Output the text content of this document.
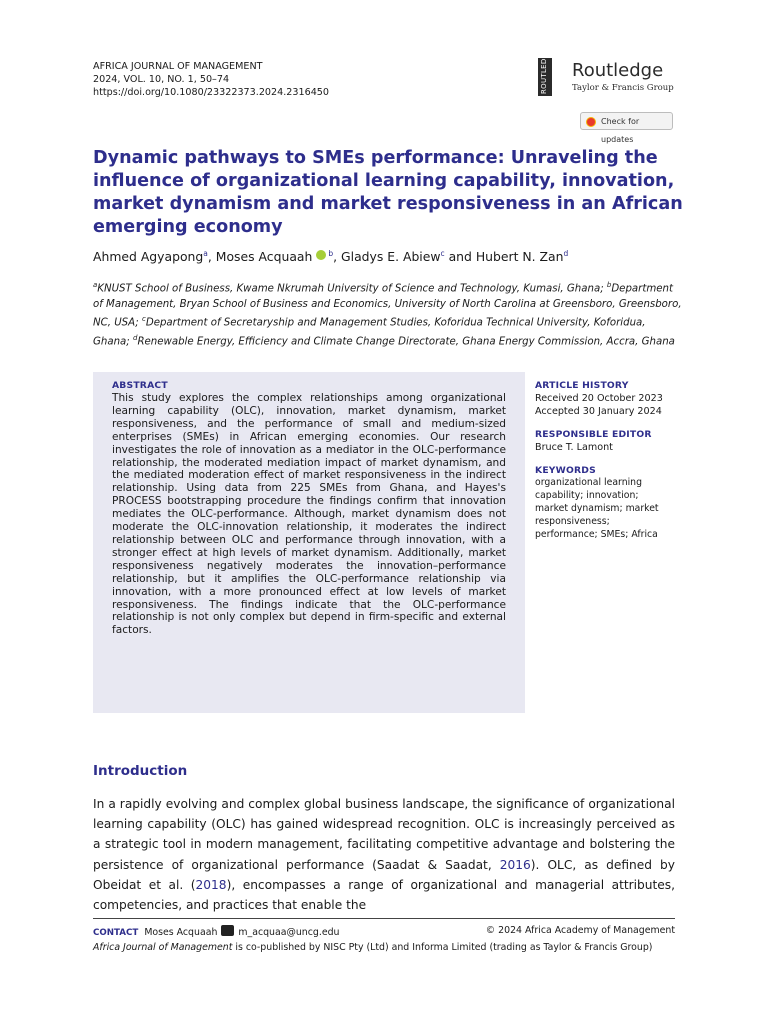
AFRICA JOURNAL OF MANAGEMENT
2024, VOL. 10, NO. 1, 50–74
https://doi.org/10.1080/23322373.2024.2316450	ROUTLEDGE Routledge
Taylor & Francis Group
Check for updates
Dynamic pathways to SMEs performance: Unraveling the influence of organizational learning capability, innovation, market dynamism and market responsiveness in an African emerging economy
Ahmed Agyapong$^a$, Moses Acquaah $^b$, Gladys E. Abiew$^c$ and Hubert N. Zan$^d$
$^a$KNUST School of Business, Kwame Nkrumah University of Science and Technology, Kumasi, Ghana; $^b$Department of Management, Bryan School of Business and Economics, University of North Carolina at Greensboro, Greensboro, NC, USA; $^c$Department of Secretaryship and Management Studies, Koforidua Technical University, Koforidua, Ghana; $^d$Renewable Energy, Efficiency and Climate Change Directorate, Ghana Energy Commission, Accra, Ghana
ABSTRACT
This study explores the complex relationships among organizational learning capability (OLC), innovation, market dynamism, market responsiveness, and the performance of small and medium-sized enterprises (SMEs) in African emerging economies. Our research investigates the role of innovation as a mediator in the OLC-performance relationship, the moderated mediation impact of market dynamism, and the mediated moderation effect of market responsiveness in the indirect relationship. Using data from 225 SMEs from Ghana, and Hayes's PROCESS bootstrapping procedure the findings confirm that innovation mediates the OLC-performance. Although, market dynamism does not moderate the OLC-innovation relationship, it moderates the indirect relationship between OLC and performance through innovation, with a stronger effect at high levels of market dynamism. Additionally, market responsiveness negatively moderates the innovation–performance relationship, but it amplifies the OLC-performance relationship via innovation, with a more pronounced effect at low levels of market responsiveness. The findings indicate that the OLC-performance relationship is not only complex but depend in firm-specific and external factors.
ARTICLE HISTORY
Received 20 October 2023
Accepted 30 January 2024
RESPONSIBLE EDITOR
Bruce T. Lamont
KEYWORDS
organizational learning
capability; innovation;
market dynamism; market
responsiveness;
performance; SMEs; Africa
Introduction
In a rapidly evolving and complex global business landscape, the significance of organizational learning capability (OLC) has gained widespread recognition. OLC is increasingly perceived as a strategic tool in modern management, facilitating competitive advantage and bolstering the persistence of organizational performance (Saadat & Saadat, 2016). OLC, as defined by Obeidat et al. (2018), encompasses a range of organizational and managerial attributes, competencies, and practices that enable the
CONTACT Moses Acquaah m_acquaa@uncg.edu	© 2024 Africa Academy of Management
Africa Journal of Management is co-published by NISC Pty (Ltd) and Informa Limited (trading as Taylor & Francis Group)
